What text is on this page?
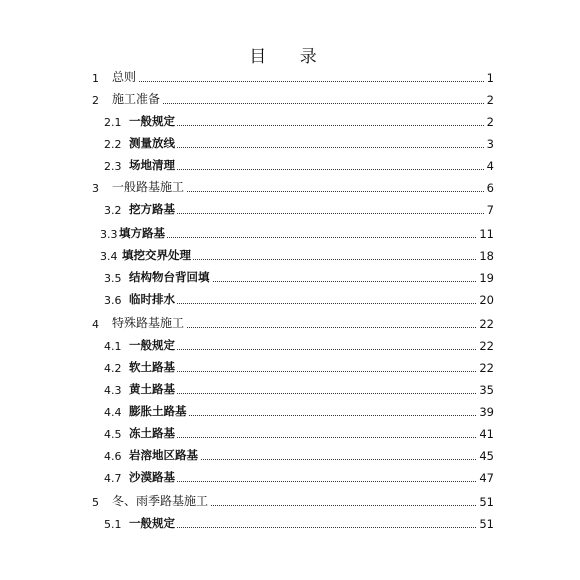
目 录
1 总则	1
2 施工准备	2
2.1 一般规定	2
2.2 测量放线	3
2.3 场地清理	4
3 一般路基施工	6
3.2 挖方路基	7
3.3 填方路基	11
3.4 填挖交界处理	18
3.5 结构物台背回填	19
3.6 临时排水	20
4 特殊路基施工	22
4.1 一般规定	22
4.2 软土路基	22
4.3 黄土路基	35
4.4 膨胀土路基	39
4.5 冻土路基	41
4.6 岩溶地区路基	45
4.7 沙漠路基	47
5 冬、雨季路基施工	51
5.1 一般规定	51
